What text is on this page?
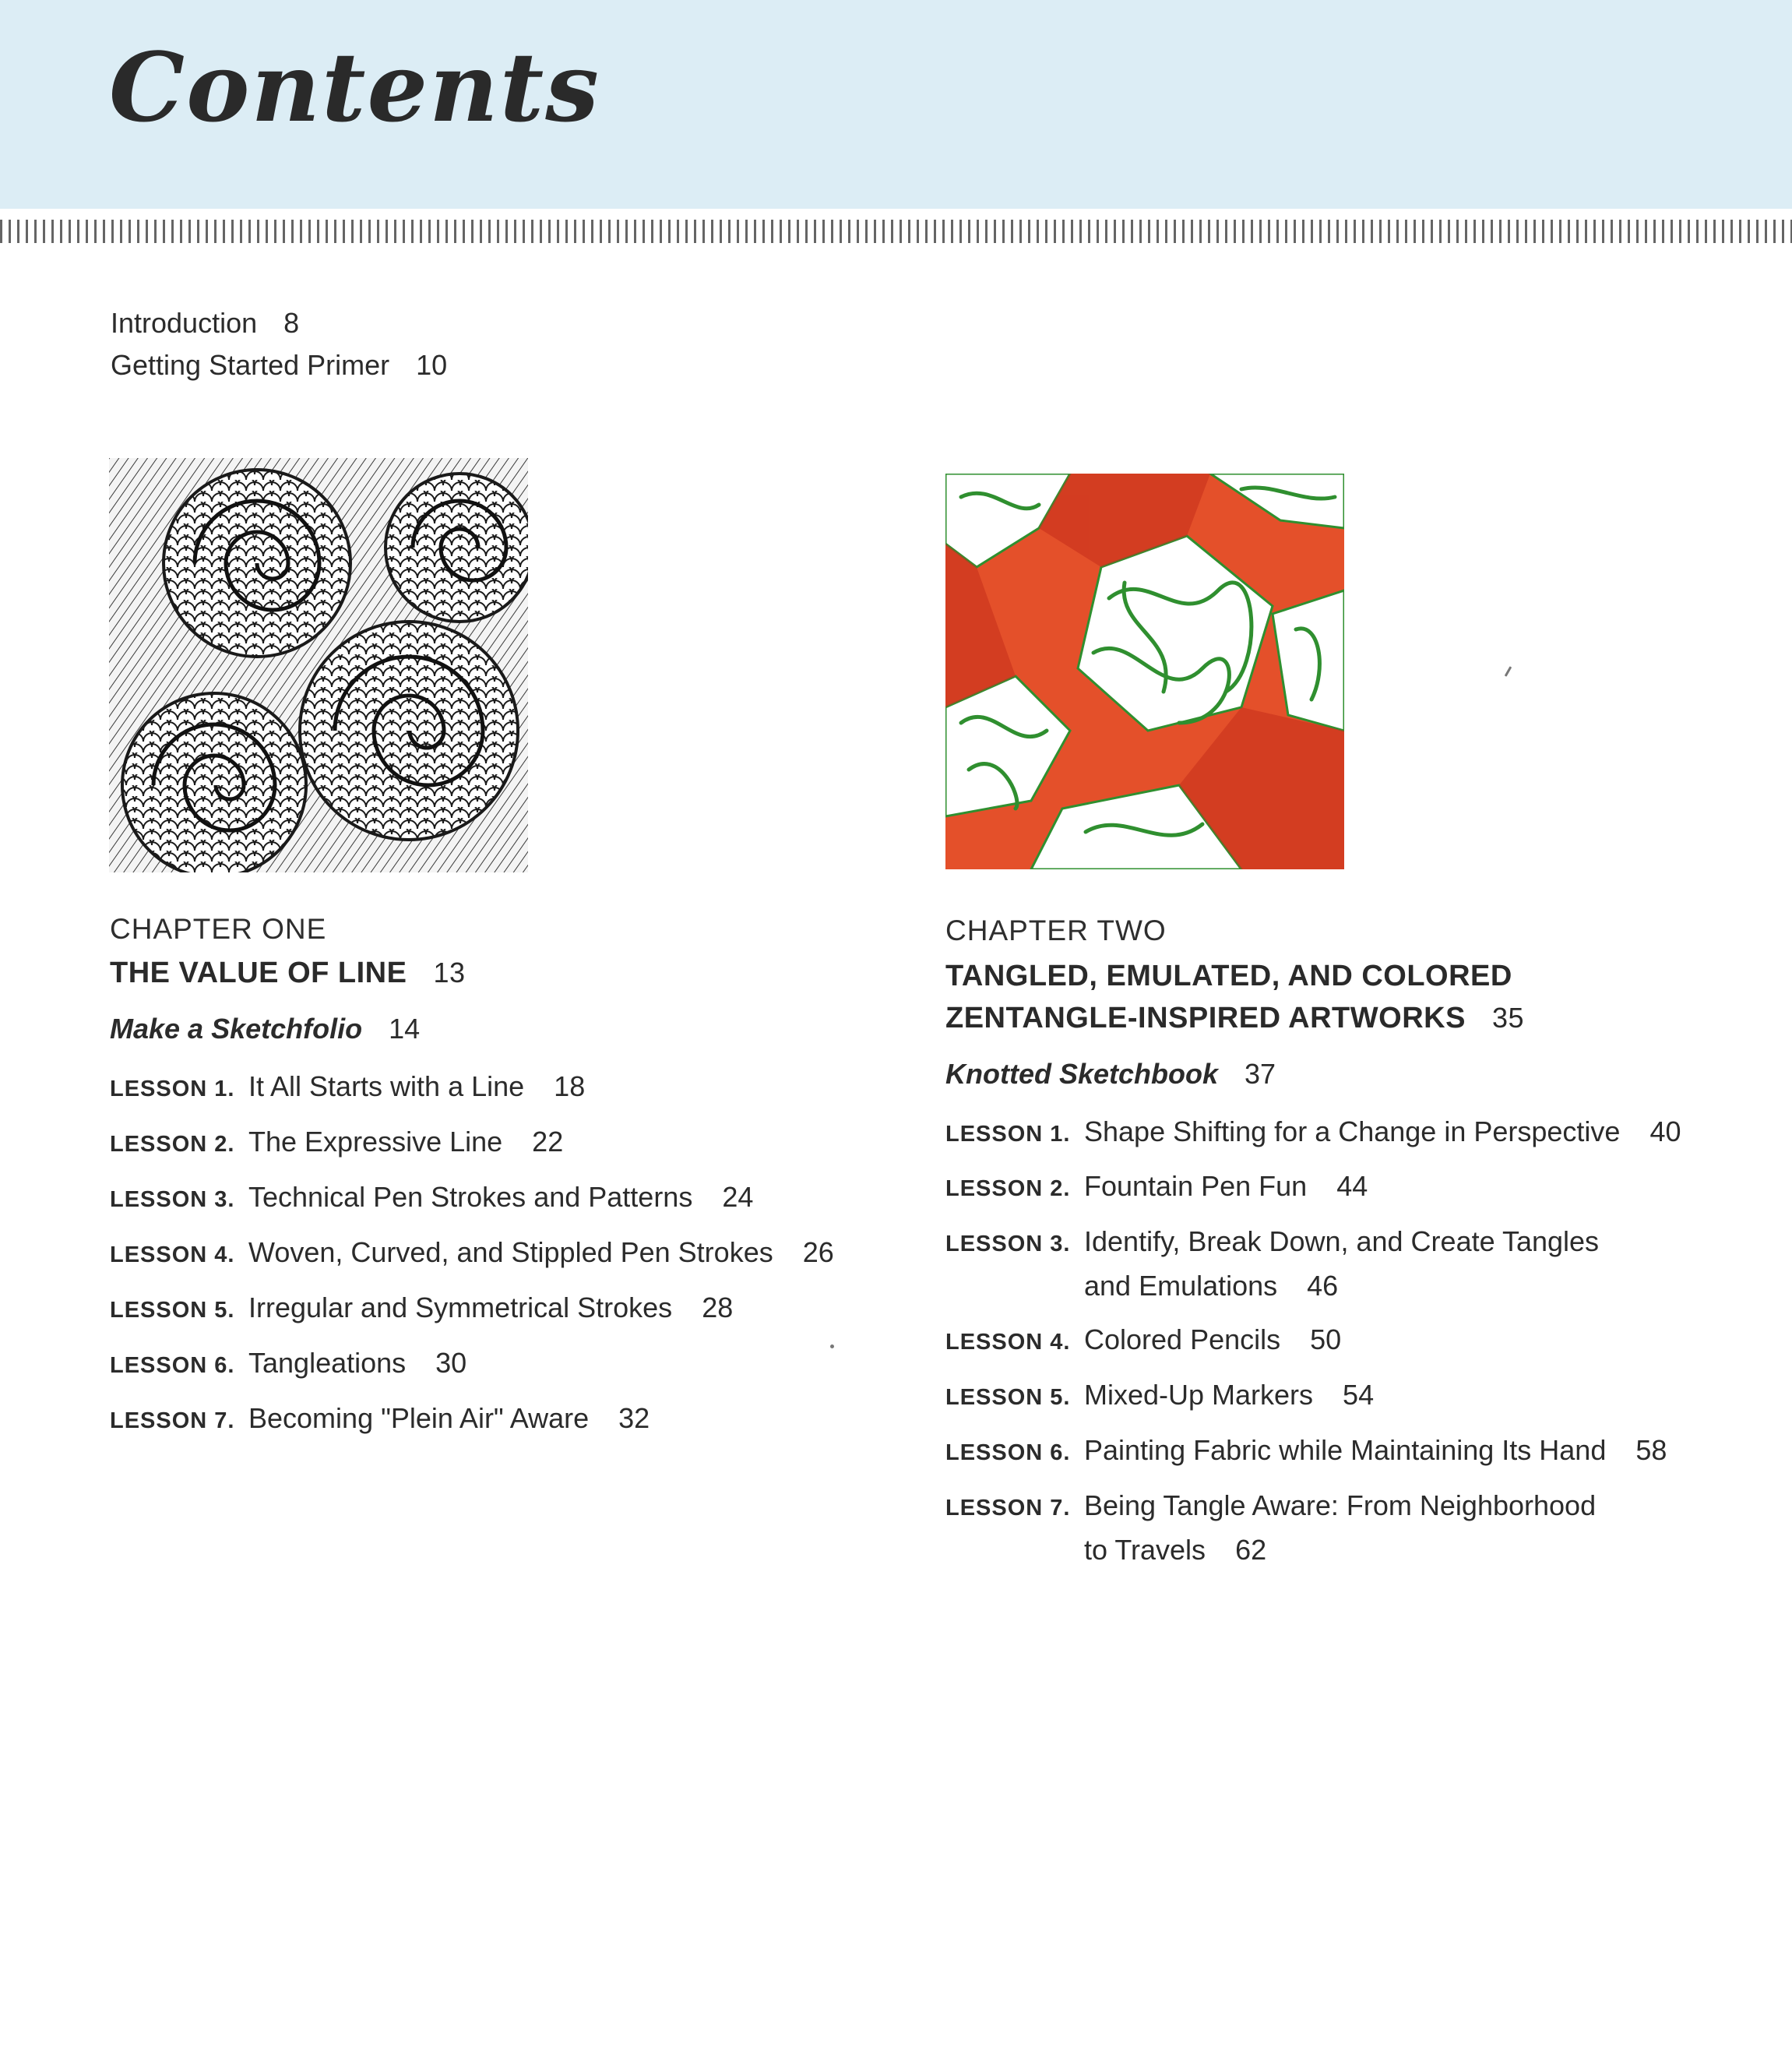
Contents
Introduction 8
Getting Started Primer 10
CHAPTER ONE
THE VALUE OF LINE 13
Make a Sketchfolio 14
LESSON 1. It All Starts with a Line 18
LESSON 2. The Expressive Line 22
LESSON 3. Technical Pen Strokes and Patterns 24
LESSON 4. Woven, Curved, and Stippled Pen Strokes 26
LESSON 5. Irregular and Symmetrical Strokes 28
LESSON 6. Tangleations 30
LESSON 7. Becoming "Plein Air" Aware 32
CHAPTER TWO
TANGLED, EMULATED, AND COLORED
ZENTANGLE-INSPIRED ARTWORKS 35
Knotted Sketchbook 37
LESSON 1. Shape Shifting for a Change in Perspective 40
LESSON 2. Fountain Pen Fun 44
LESSON 3. Identify, Break Down, and Create Tangles
and Emulations 46
LESSON 4. Colored Pencils 50
LESSON 5. Mixed-Up Markers 54
LESSON 6. Painting Fabric while Maintaining Its Hand 58
LESSON 7. Being Tangle Aware: From Neighborhood
to Travels 62
